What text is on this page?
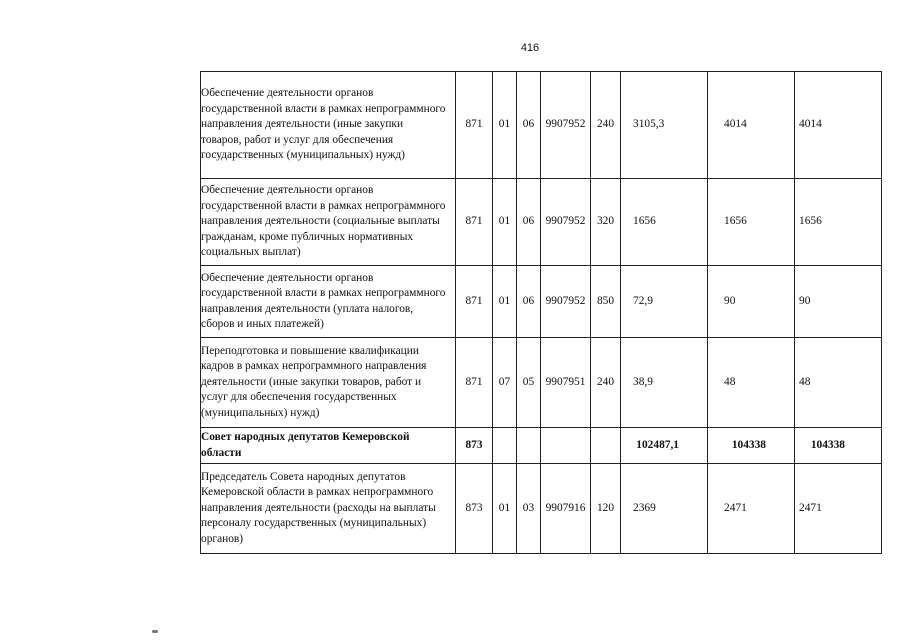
416
Обеспечение деятельности органов
государственной власти в рамках непрограммного
направления деятельности (иные закупки
товаров, работ и услуг для обеспечения
государственных (муниципальных) нужд)	871	01	06	9907952	240	3105,3	4014	4014

Обеспечение деятельности органов
государственной власти в рамках непрограммного
направления деятельности (социальные выплаты
гражданам, кроме публичных нормативных
социальных выплат)	871	01	06	9907952	320	1656	1656	1656

Обеспечение деятельности органов
государственной власти в рамках непрограммного
направления деятельности (уплата налогов,
сборов и иных платежей)	871	01	06	9907952	850	72,9	90	90

Переподготовка и повышение квалификации
кадров в рамках непрограммного направления
деятельности (иные закупки товаров, работ и
услуг для обеспечения государственных
(муниципальных) нужд)	871	07	05	9907951	240	38,9	48	48

Совет народных депутатов Кемеровской
области	873					102487,1	104338	104338

Председатель Совета народных депутатов
Кемеровской области в рамках непрограммного
направления деятельности (расходы на выплаты
персоналу государственных (муниципальных)
органов)	873	01	03	9907916	120	2369	2471	2471
